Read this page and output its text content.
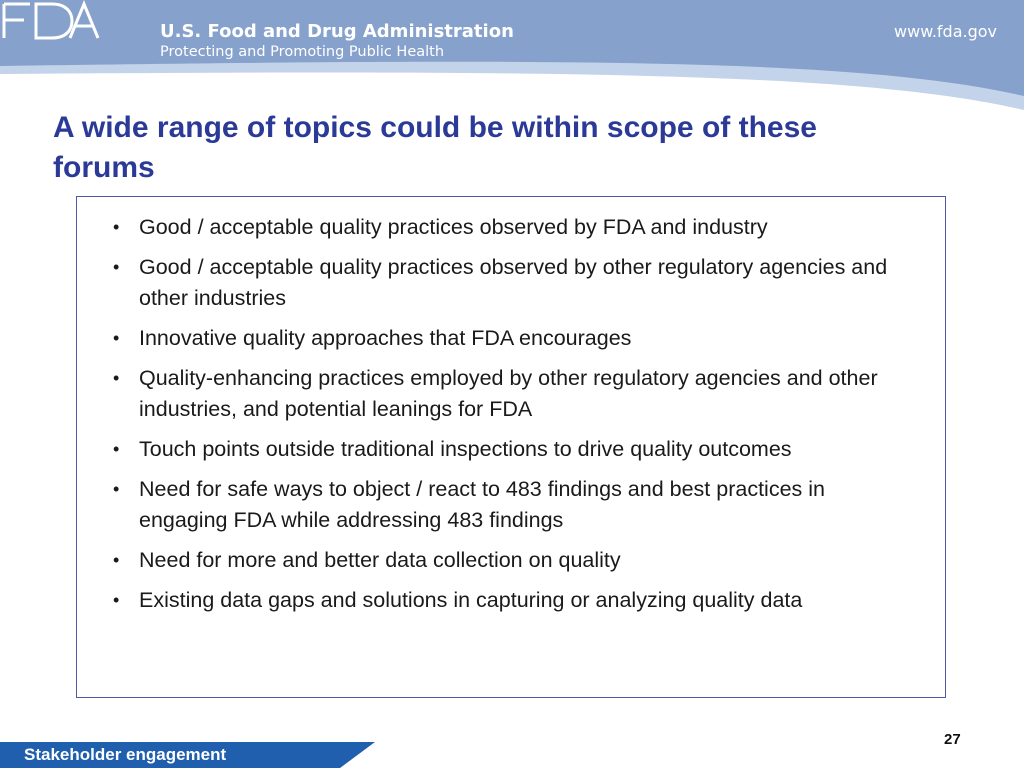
U.S. Food and Drug Administration
Protecting and Promoting Public Health
www.fda.gov
A wide range of topics could be within scope of these forums
• Good / acceptable quality practices observed by FDA and industry
• Good / acceptable quality practices observed by other regulatory agencies and other industries
• Innovative quality approaches that FDA encourages
• Quality-enhancing practices employed by other regulatory agencies and other industries, and potential leanings for FDA
• Touch points outside traditional inspections to drive quality outcomes
• Need for safe ways to object / react to 483 findings and best practices in engaging FDA while addressing 483 findings
• Need for more and better data collection on quality
• Existing data gaps and solutions in capturing or analyzing quality data
Stakeholder engagement
27
